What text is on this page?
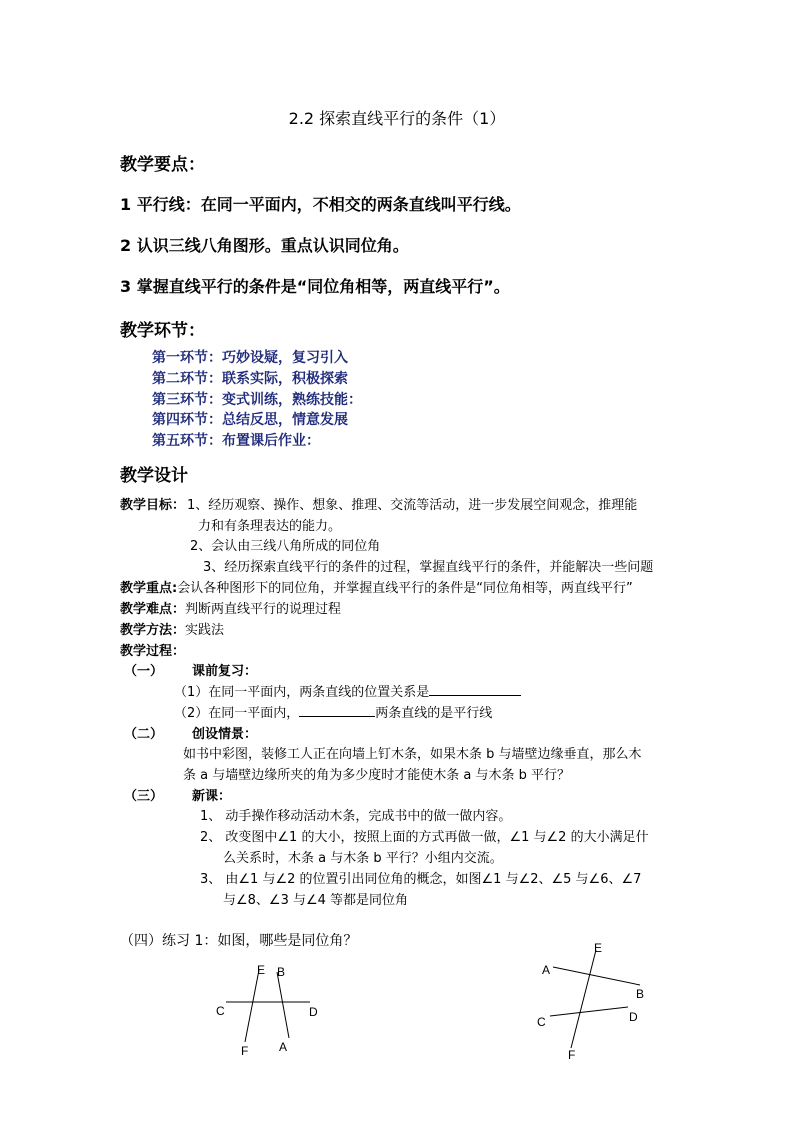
2.2 探索直线平行的条件（1）
教学要点：
1 平行线：在同一平面内，不相交的两条直线叫平行线。
2 认识三线八角图形。重点认识同位角。
3 掌握直线平行的条件是“同位角相等，两直线平行”。
教学环节：
第一环节：巧妙设疑，复习引入
第二环节：联系实际，积极探索
第三环节：变式训练，熟练技能：
第四环节：总结反思，情意发展
第五环节：布置课后作业：
教学设计
教学目标： 1、经历观察、操作、想象、推理、交流等活动，进一步发展空间观念，推理能
力和有条理表达的能力。
2、会认由三线八角所成的同位角
3、经历探索直线平行的条件的过程，掌握直线平行的条件，并能解决一些问题
教学重点:会认各种图形下的同位角，并掌握直线平行的条件是“同位角相等，两直线平行”
教学难点：判断两直线平行的说理过程
教学方法：实践法
教学过程：
（一） 课前复习：
（1）在同一平面内，两条直线的位置关系是
（2）在同一平面内，	两条直线的是平行线
（二） 创设情景：
如书中彩图，装修工人正在向墙上钉木条，如果木条 b 与墙壁边缘垂直，那么木
条 a 与墙壁边缘所夹的角为多少度时才能使木条 a 与木条 b 平行？
（三） 新课：
1、 动手操作移动活动木条，完成书中的做一做内容。
2、 改变图中∠1 的大小，按照上面的方式再做一做，∠1 与∠2 的大小满足什
么关系时，木条 a 与木条 b 平行？小组内交流。
3、 由∠1 与∠2 的位置引出同位角的概念，如图∠1 与∠2、∠5 与∠6、∠7
与∠8、∠3 与∠4 等都是同位角
（四）练习 1：如图，哪些是同位角？
E B
C	D
F	A
E
A
B
C	D
F
